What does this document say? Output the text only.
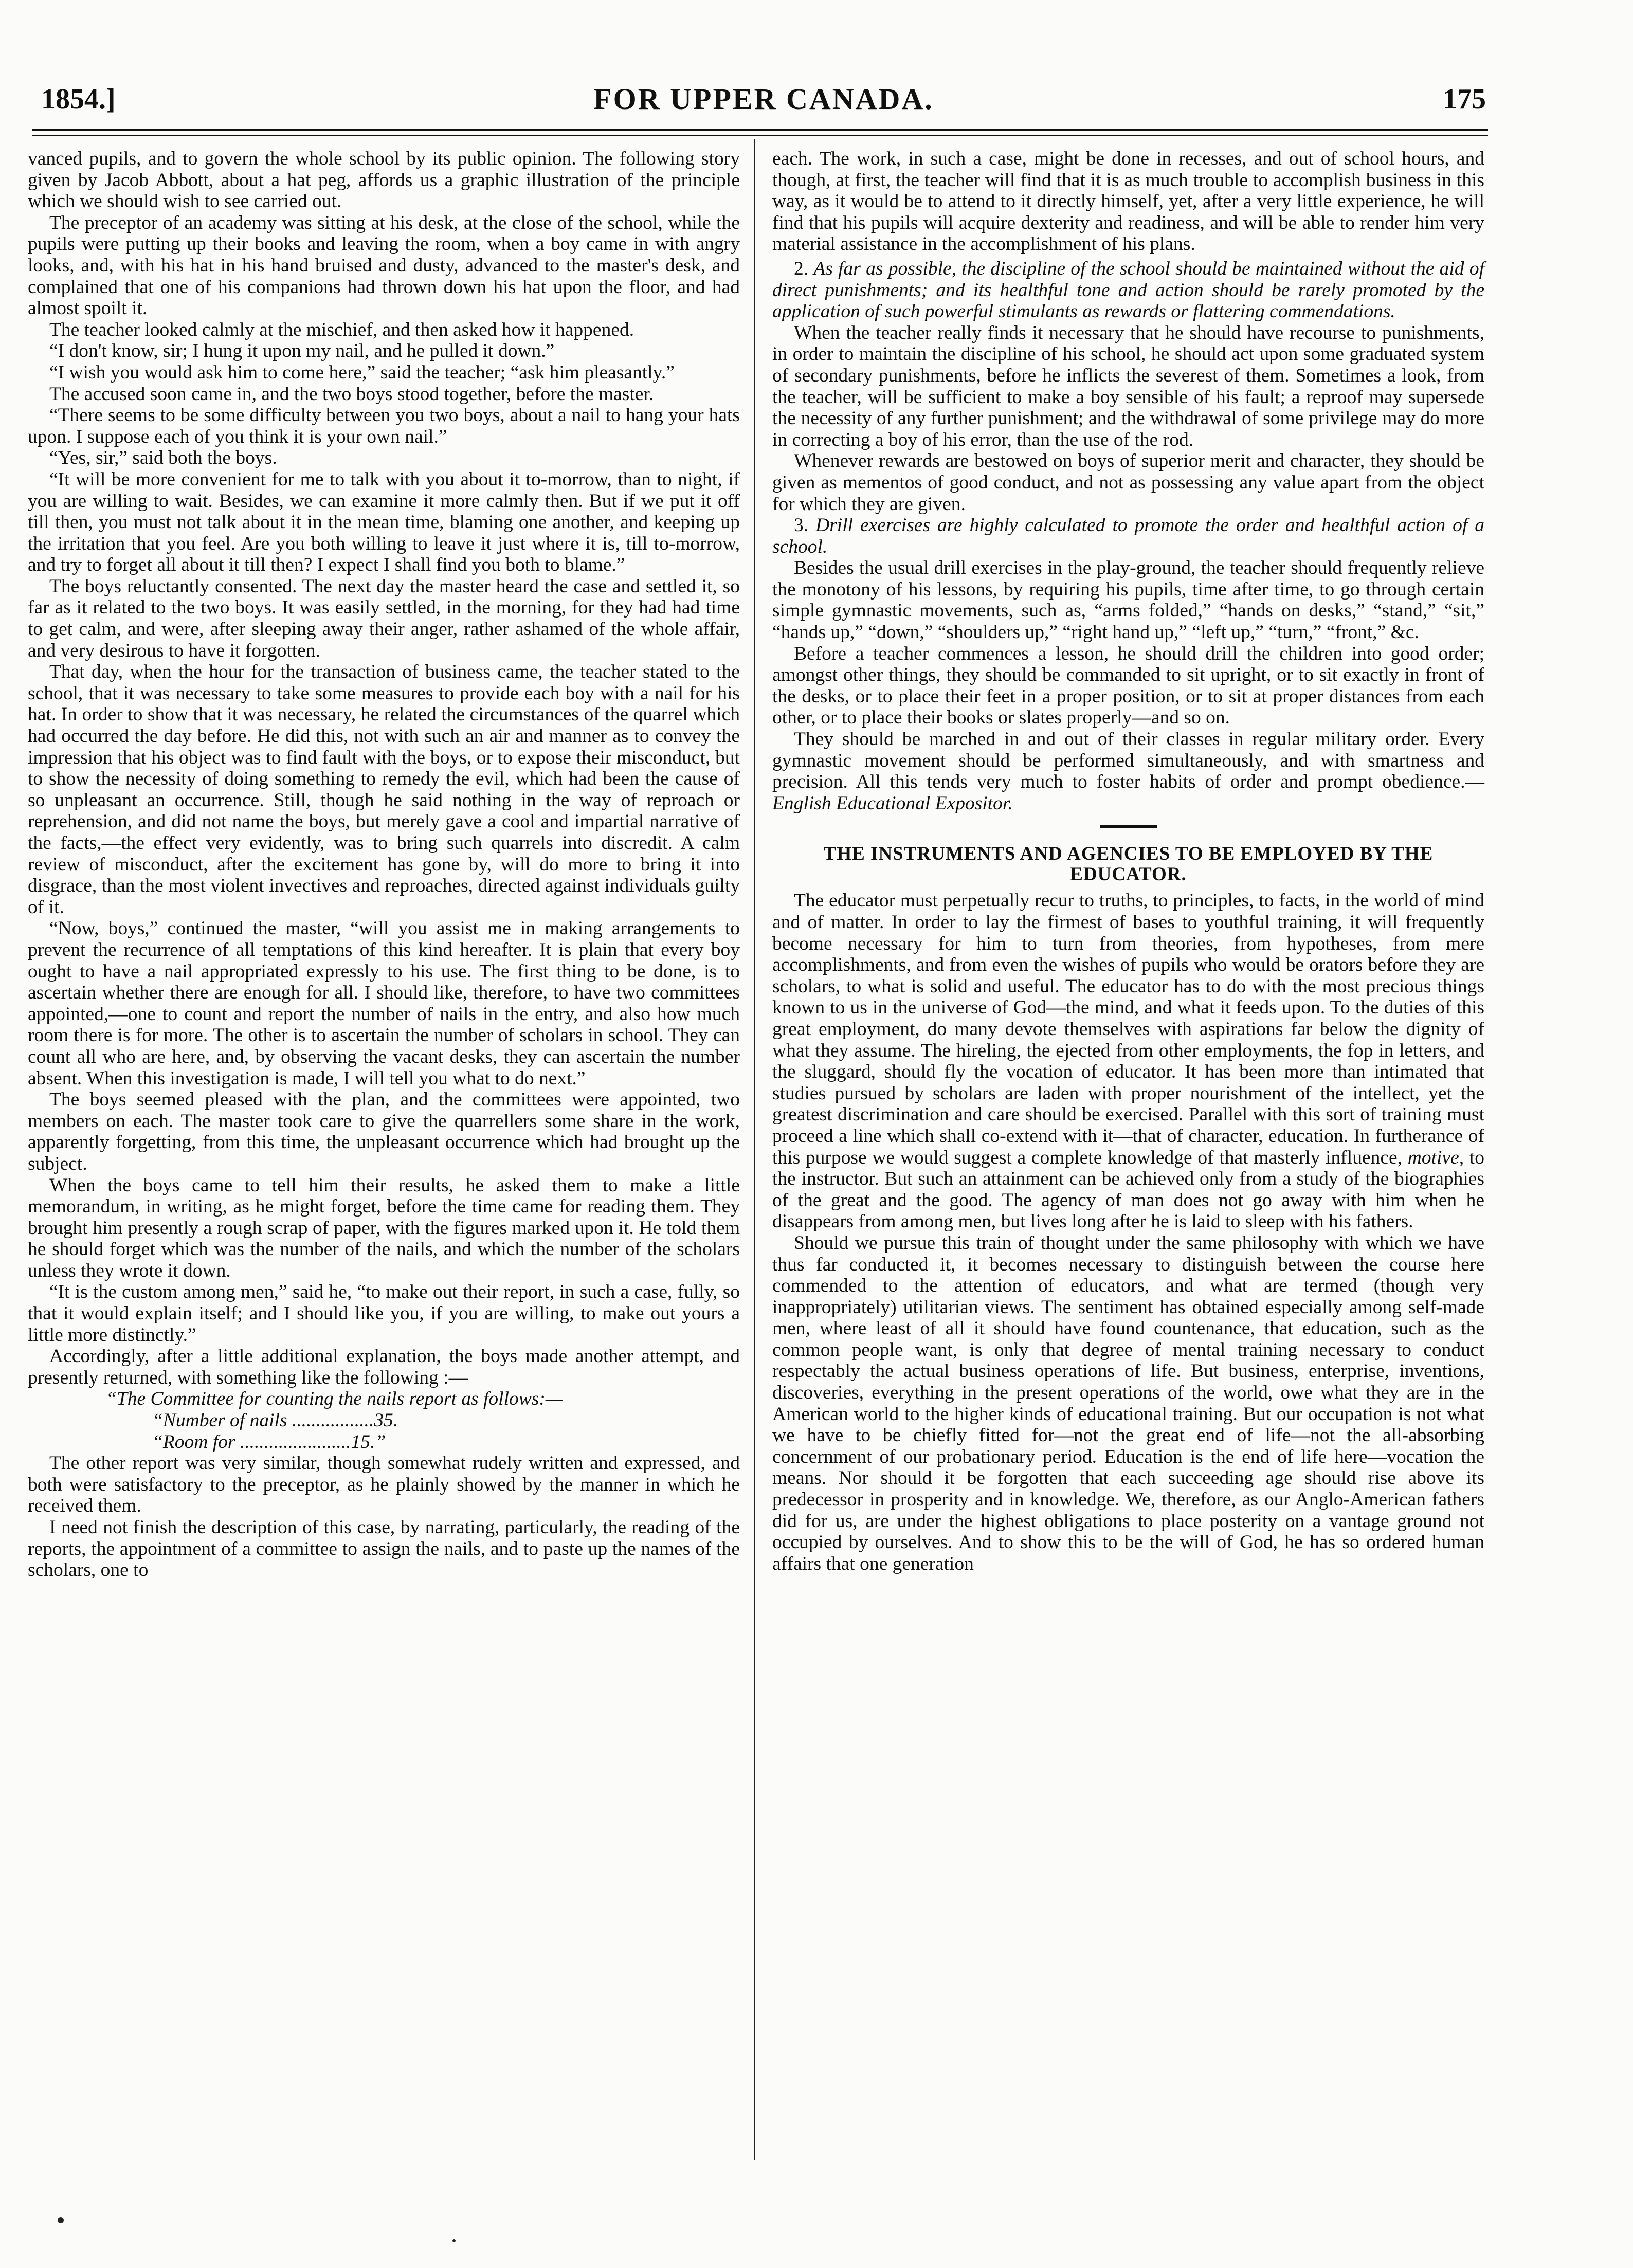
1854.]	FOR UPPER CANADA.	175

vanced pupils, and to govern the whole school by its public opinion. The following story given by Jacob Abbott, about a hat peg, affords us a graphic illustration of the principle which we should wish to see carried out.

The preceptor of an academy was sitting at his desk, at the close of the school, while the pupils were putting up their books and leaving the room, when a boy came in with angry looks, and, with his hat in his hand bruised and dusty, advanced to the master's desk, and complained that one of his companions had thrown down his hat upon the floor, and had almost spoilt it.

The teacher looked calmly at the mischief, and then asked how it happened.

“I don't know, sir; I hung it upon my nail, and he pulled it down.”

“I wish you would ask him to come here,” said the teacher; “ask him pleasantly.”

The accused soon came in, and the two boys stood together, before the master.

“There seems to be some difficulty between you two boys, about a nail to hang your hats upon. I suppose each of you think it is your own nail.”

“Yes, sir,” said both the boys.

“It will be more convenient for me to talk with you about it to-morrow, than to night, if you are willing to wait. Besides, we can examine it more calmly then. But if we put it off till then, you must not talk about it in the mean time, blaming one another, and keeping up the irritation that you feel. Are you both willing to leave it just where it is, till to-morrow, and try to forget all about it till then? I expect I shall find you both to blame.”

The boys reluctantly consented. The next day the master heard the case and settled it, so far as it related to the two boys. It was easily settled, in the morning, for they had had time to get calm, and were, after sleeping away their anger, rather ashamed of the whole affair, and very desirous to have it forgotten.

That day, when the hour for the transaction of business came, the teacher stated to the school, that it was necessary to take some measures to provide each boy with a nail for his hat. In order to show that it was necessary, he related the circumstances of the quarrel which had occurred the day before. He did this, not with such an air and manner as to convey the impression that his object was to find fault with the boys, or to expose their misconduct, but to show the necessity of doing something to remedy the evil, which had been the cause of so unpleasant an occurrence. Still, though he said nothing in the way of reproach or reprehension, and did not name the boys, but merely gave a cool and impartial narrative of the facts,—the effect very evidently, was to bring such quarrels into discredit. A calm review of misconduct, after the excitement has gone by, will do more to bring it into disgrace, than the most violent invectives and reproaches, directed against individuals guilty of it.

“Now, boys,” continued the master, “will you assist me in making arrangements to prevent the recurrence of all temptations of this kind hereafter. It is plain that every boy ought to have a nail appropriated expressly to his use. The first thing to be done, is to ascertain whether there are enough for all. I should like, therefore, to have two committees appointed,—one to count and report the number of nails in the entry, and also how much room there is for more. The other is to ascertain the number of scholars in school. They can count all who are here, and, by observing the vacant desks, they can ascertain the number absent. When this investigation is made, I will tell you what to do next.”

The boys seemed pleased with the plan, and the committees were appointed, two members on each. The master took care to give the quarrellers some share in the work, apparently forgetting, from this time, the unpleasant occurrence which had brought up the subject.

When the boys came to tell him their results, he asked them to make a little memorandum, in writing, as he might forget, before the time came for reading them. They brought him presently a rough scrap of paper, with the figures marked upon it. He told them he should forget which was the number of the nails, and which the number of the scholars unless they wrote it down.

“It is the custom among men,” said he, “to make out their report, in such a case, fully, so that it would explain itself; and I should like you, if you are willing, to make out yours a little more distinctly.”

Accordingly, after a little additional explanation, the boys made another attempt, and presently returned, with something like the following :—

“The Committee for counting the nails report as follows:—

“Number of nails .................35.

“Room for .......................15.”

The other report was very similar, though somewhat rudely written and expressed, and both were satisfactory to the preceptor, as he plainly showed by the manner in which he received them.

I need not finish the description of this case, by narrating, particularly, the reading of the reports, the appointment of a committee to assign the nails, and to paste up the names of the scholars, one to

each. The work, in such a case, might be done in recesses, and out of school hours, and though, at first, the teacher will find that it is as much trouble to accomplish business in this way, as it would be to attend to it directly himself, yet, after a very little experience, he will find that his pupils will acquire dexterity and readiness, and will be able to render him very material assistance in the accomplishment of his plans.

2. As far as possible, the discipline of the school should be maintained without the aid of direct punishments; and its healthful tone and action should be rarely promoted by the application of such powerful stimulants as rewards or flattering commendations.

When the teacher really finds it necessary that he should have recourse to punishments, in order to maintain the discipline of his school, he should act upon some graduated system of secondary punishments, before he inflicts the severest of them. Sometimes a look, from the teacher, will be sufficient to make a boy sensible of his fault; a reproof may supersede the necessity of any further punishment; and the withdrawal of some privilege may do more in correcting a boy of his error, than the use of the rod.

Whenever rewards are bestowed on boys of superior merit and character, they should be given as mementos of good conduct, and not as possessing any value apart from the object for which they are given.

3. Drill exercises are highly calculated to promote the order and healthful action of a school.

Besides the usual drill exercises in the play-ground, the teacher should frequently relieve the monotony of his lessons, by requiring his pupils, time after time, to go through certain simple gymnastic movements, such as, “arms folded,” “hands on desks,” “stand,” “sit,” “hands up,” “down,” “shoulders up,” “right hand up,” “left up,” “turn,” “front,” &c.

Before a teacher commences a lesson, he should drill the children into good order; amongst other things, they should be commanded to sit upright, or to sit exactly in front of the desks, or to place their feet in a proper position, or to sit at proper distances from each other, or to place their books or slates properly—and so on.

They should be marched in and out of their classes in regular military order. Every gymnastic movement should be performed simultaneously, and with smartness and precision. All this tends very much to foster habits of order and prompt obedience.—English Educational Expositor.

THE INSTRUMENTS AND AGENCIES TO BE EMPLOYED BY THE EDUCATOR.

The educator must perpetually recur to truths, to principles, to facts, in the world of mind and of matter. In order to lay the firmest of bases to youthful training, it will frequently become necessary for him to turn from theories, from hypotheses, from mere accomplishments, and from even the wishes of pupils who would be orators before they are scholars, to what is solid and useful. The educator has to do with the most precious things known to us in the universe of God—the mind, and what it feeds upon. To the duties of this great employment, do many devote themselves with aspirations far below the dignity of what they assume. The hireling, the ejected from other employments, the fop in letters, and the sluggard, should fly the vocation of educator. It has been more than intimated that studies pursued by scholars are laden with proper nourishment of the intellect, yet the greatest discrimination and care should be exercised. Parallel with this sort of training must proceed a line which shall co-extend with it—that of character, education. In furtherance of this purpose we would suggest a complete knowledge of that masterly influence, motive, to the instructor. But such an attainment can be achieved only from a study of the biographies of the great and the good. The agency of man does not go away with him when he disappears from among men, but lives long after he is laid to sleep with his fathers.

Should we pursue this train of thought under the same philosophy with which we have thus far conducted it, it becomes necessary to distinguish between the course here commended to the attention of educators, and what are termed (though very inappropriately) utilitarian views. The sentiment has obtained especially among self-made men, where least of all it should have found countenance, that education, such as the common people want, is only that degree of mental training necessary to conduct respectably the actual business operations of life. But business, enterprise, inventions, discoveries, everything in the present operations of the world, owe what they are in the American world to the higher kinds of educational training. But our occupation is not what we have to be chiefly fitted for—not the great end of life—not the all-absorbing concernment of our probationary period. Education is the end of life here—vocation the means. Nor should it be forgotten that each succeeding age should rise above its predecessor in prosperity and in knowledge. We, therefore, as our Anglo-American fathers did for us, are under the highest obligations to place posterity on a vantage ground not occupied by ourselves. And to show this to be the will of God, he has so ordered human affairs that one generation
